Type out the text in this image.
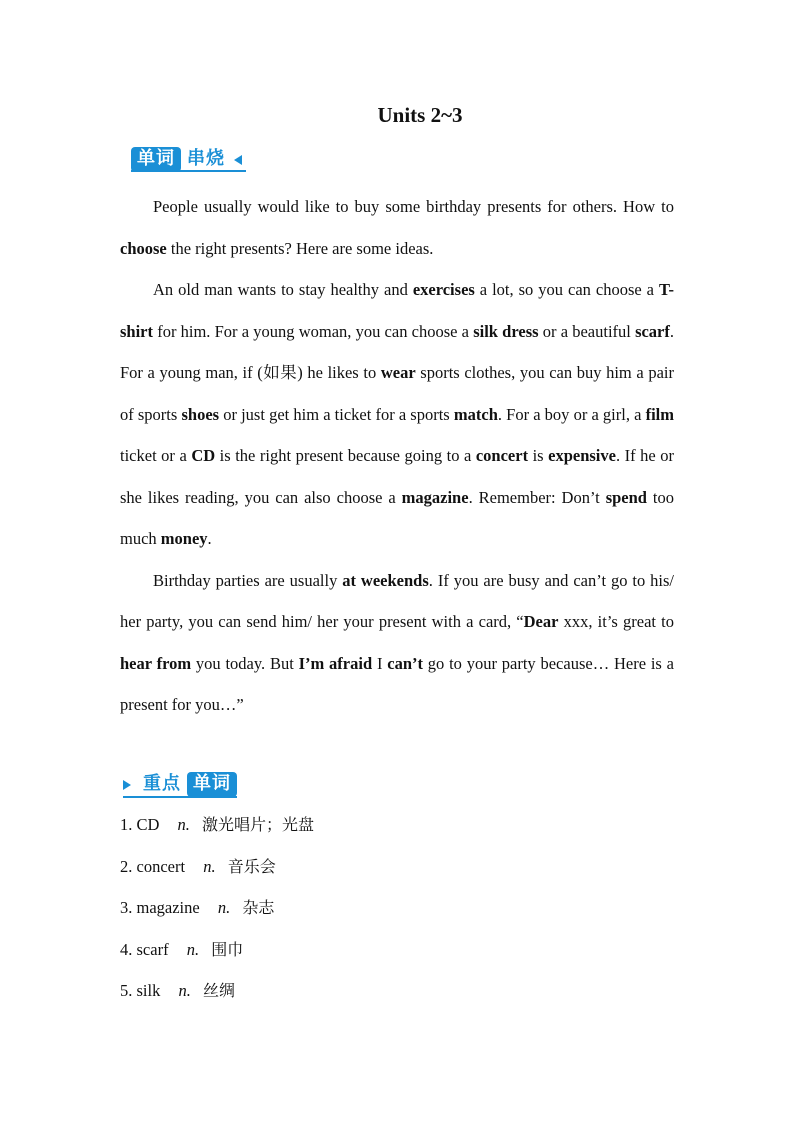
Units 2~3
单词 串烧

People usually would like to buy some birthday presents for others. How to choose the right presents? Here are some ideas.

An old man wants to stay healthy and exercises a lot, so you can choose a T-shirt for him. For a young woman, you can choose a silk dress or a beautiful scarf. For a young man, if (如果) he likes to wear sports clothes, you can buy him a pair of sports shoes or just get him a ticket for a sports match. For a boy or a girl, a film ticket or a CD is the right present because going to a concert is expensive. If he or she likes reading, you can also choose a magazine. Remember: Don’t spend too much money.

Birthday parties are usually at weekends. If you are busy and can’t go to his/ her party, you can send him/ her your present with a card, “Dear xxx, it’s great to hear from you today. But I’m afraid I can’t go to your party because… Here is a present for you…”

重点 单词
1. CD n. 激光唱片；光盘
2. concert n. 音乐会
3. magazine n. 杂志
4. scarf n. 围巾
5. silk n. 丝绸
